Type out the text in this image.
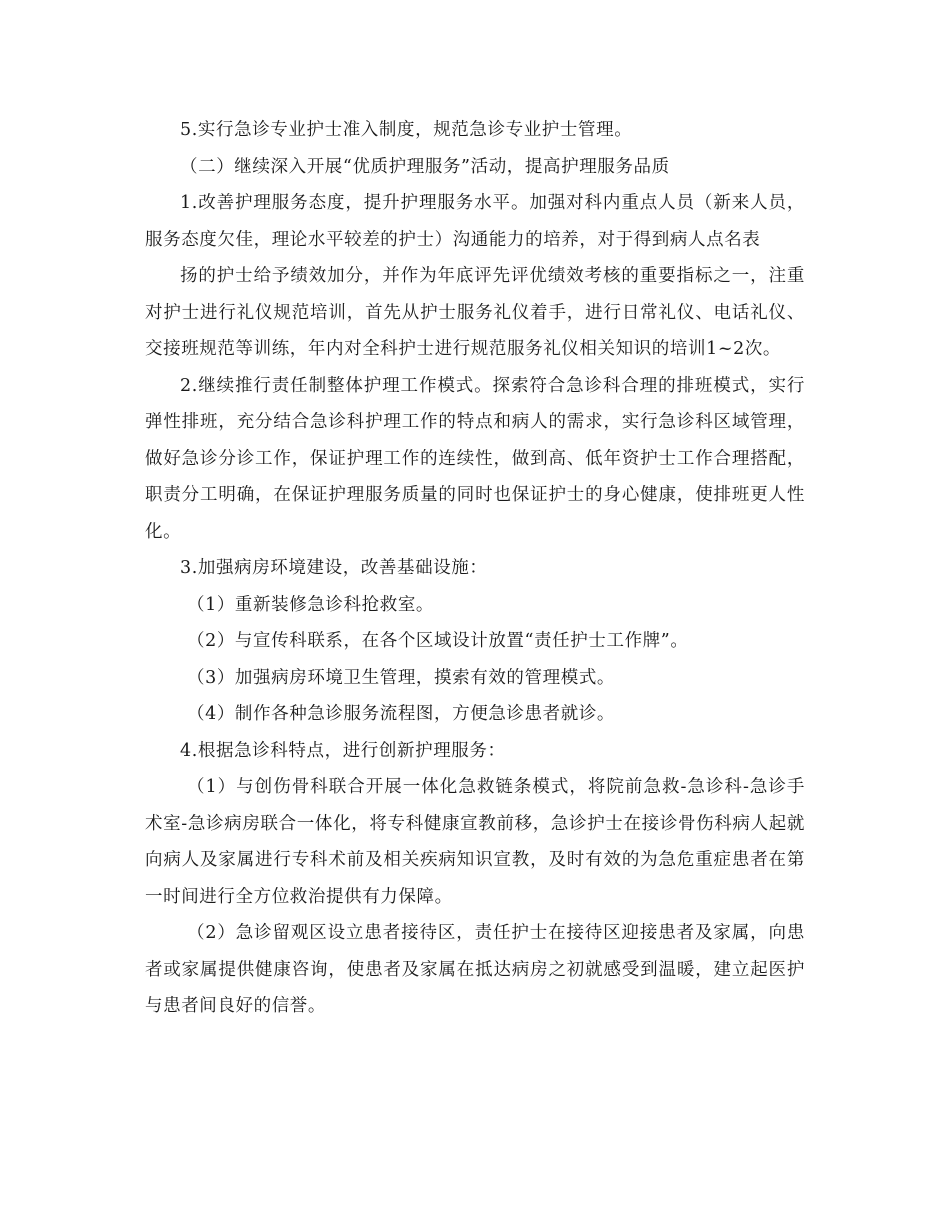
5.实行急诊专业护士准入制度，规范急诊专业护士管理。

（二）继续深入开展“优质护理服务”活动，提高护理服务品质

1.改善护理服务态度，提升护理服务水平。加强对科内重点人员（新来人员，服务态度欠佳，理论水平较差的护士）沟通能力的培养，对于得到病人点名表

扬的护士给予绩效加分，并作为年底评先评优绩效考核的重要指标之一，注重对护士进行礼仪规范培训，首先从护士服务礼仪着手，进行日常礼仪、电话礼仪、交接班规范等训练，年内对全科护士进行规范服务礼仪相关知识的培训1~2次。

2.继续推行责任制整体护理工作模式。探索符合急诊科合理的排班模式，实行弹性排班，充分结合急诊科护理工作的特点和病人的需求，实行急诊科区域管理，做好急诊分诊工作，保证护理工作的连续性，做到高、低年资护士工作合理搭配，职责分工明确，在保证护理服务质量的同时也保证护士的身心健康，使排班更人性化。

3.加强病房环境建设，改善基础设施：

（1）重新装修急诊科抢救室。

（2）与宣传科联系，在各个区域设计放置“责任护士工作牌”。

（3）加强病房环境卫生管理，摸索有效的管理模式。

（4）制作各种急诊服务流程图，方便急诊患者就诊。

4.根据急诊科特点，进行创新护理服务：

（1）与创伤骨科联合开展一体化急救链条模式，将院前急救-急诊科-急诊手术室-急诊病房联合一体化，将专科健康宣教前移，急诊护士在接诊骨伤科病人起就向病人及家属进行专科术前及相关疾病知识宣教，及时有效的为急危重症患者在第一时间进行全方位救治提供有力保障。

（2）急诊留观区设立患者接待区，责任护士在接待区迎接患者及家属，向患者或家属提供健康咨询，使患者及家属在抵达病房之初就感受到温暖，建立起医护与患者间良好的信誉。
